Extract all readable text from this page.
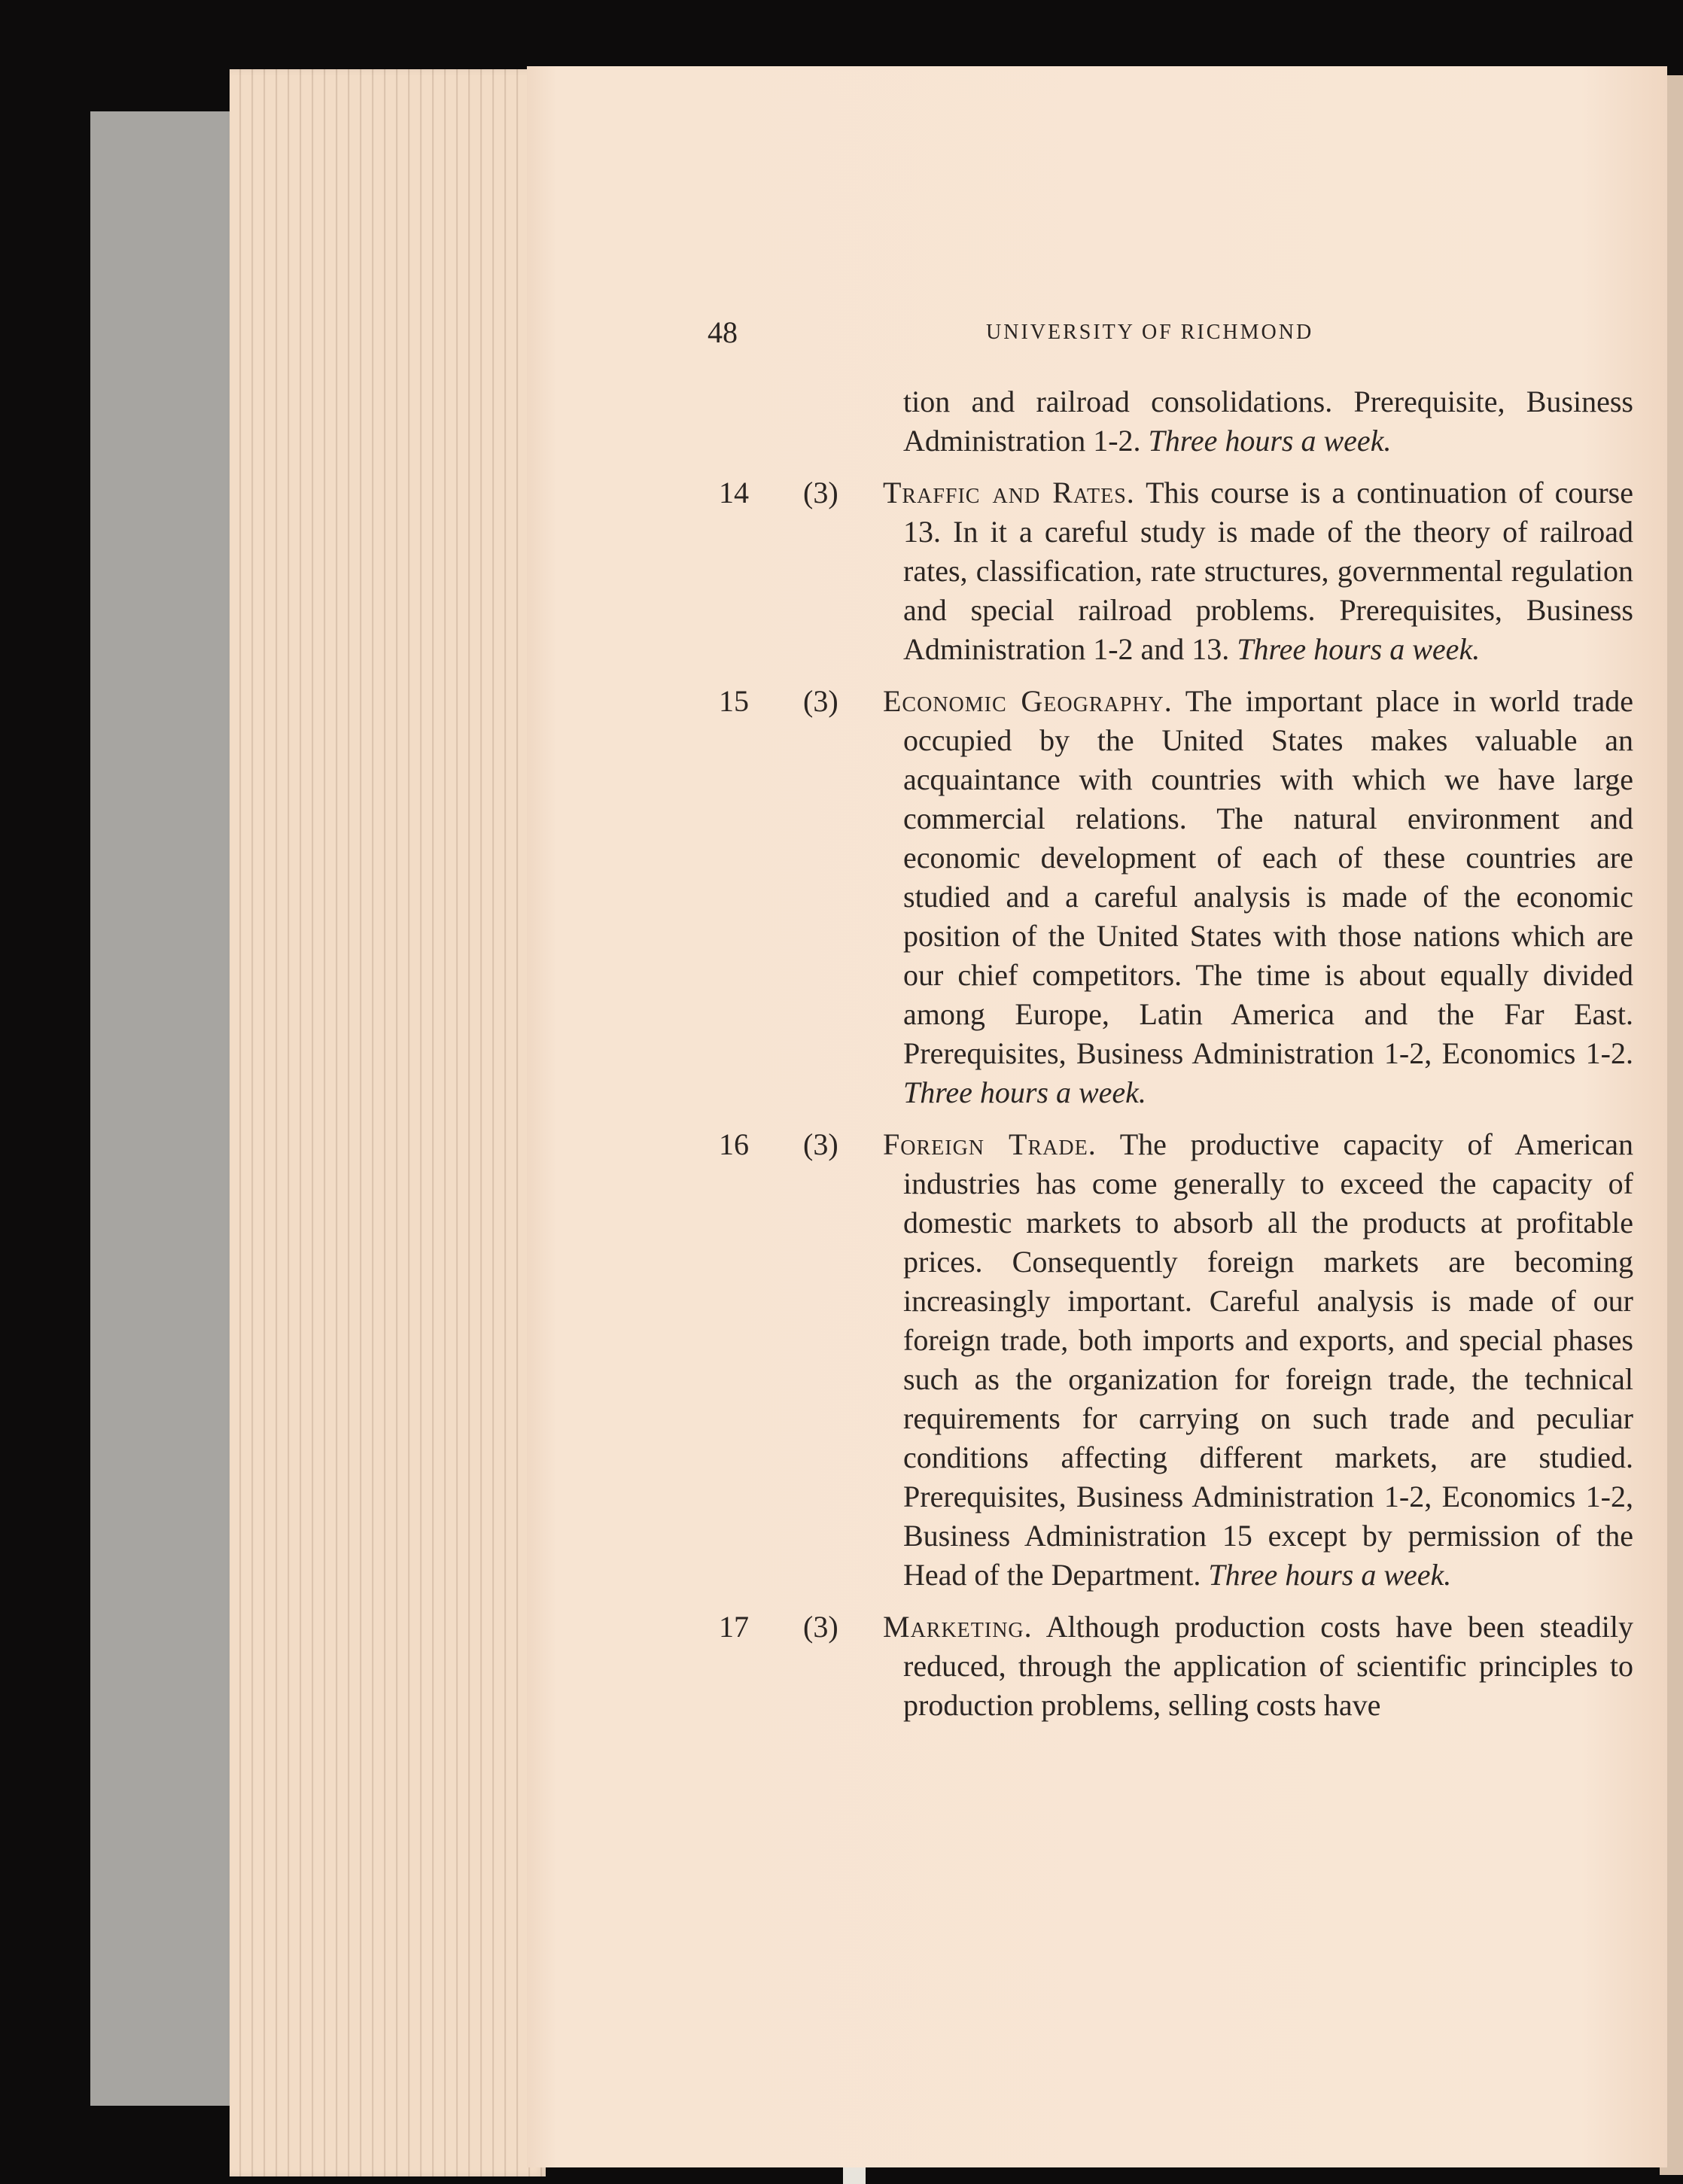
48	UNIVERSITY OF RICHMOND
tion and railroad consolidations. Prerequisite, Business Administration 1-2. Three hours a week.
14 (3) Traffic and Rates. This course is a continuation of course 13. In it a careful study is made of the theory of railroad rates, classification, rate structures, governmental regulation and special railroad problems. Prerequisites, Business Administration 1-2 and 13. Three hours a week.
15 (3) Economic Geography. The important place in world trade occupied by the United States makes valuable an acquaintance with countries with which we have large commercial relations. The natural environment and economic development of each of these countries are studied and a careful analysis is made of the economic position of the United States with those nations which are our chief competitors. The time is about equally divided among Europe, Latin America and the Far East. Prerequisites, Business Administration 1-2, Economics 1-2. Three hours a week.
16 (3) Foreign Trade. The productive capacity of American industries has come generally to exceed the capacity of domestic markets to absorb all the products at profitable prices. Consequently foreign markets are becoming increasingly important. Careful analysis is made of our foreign trade, both imports and exports, and special phases such as the organization for foreign trade, the technical requirements for carrying on such trade and peculiar conditions affecting different markets, are studied. Prerequisites, Business Administration 1-2, Economics 1-2, Business Administration 15 except by permission of the Head of the Department. Three hours a week.
17 (3) Marketing. Although production costs have been steadily reduced, through the application of scientific principles to production problems, selling costs have
